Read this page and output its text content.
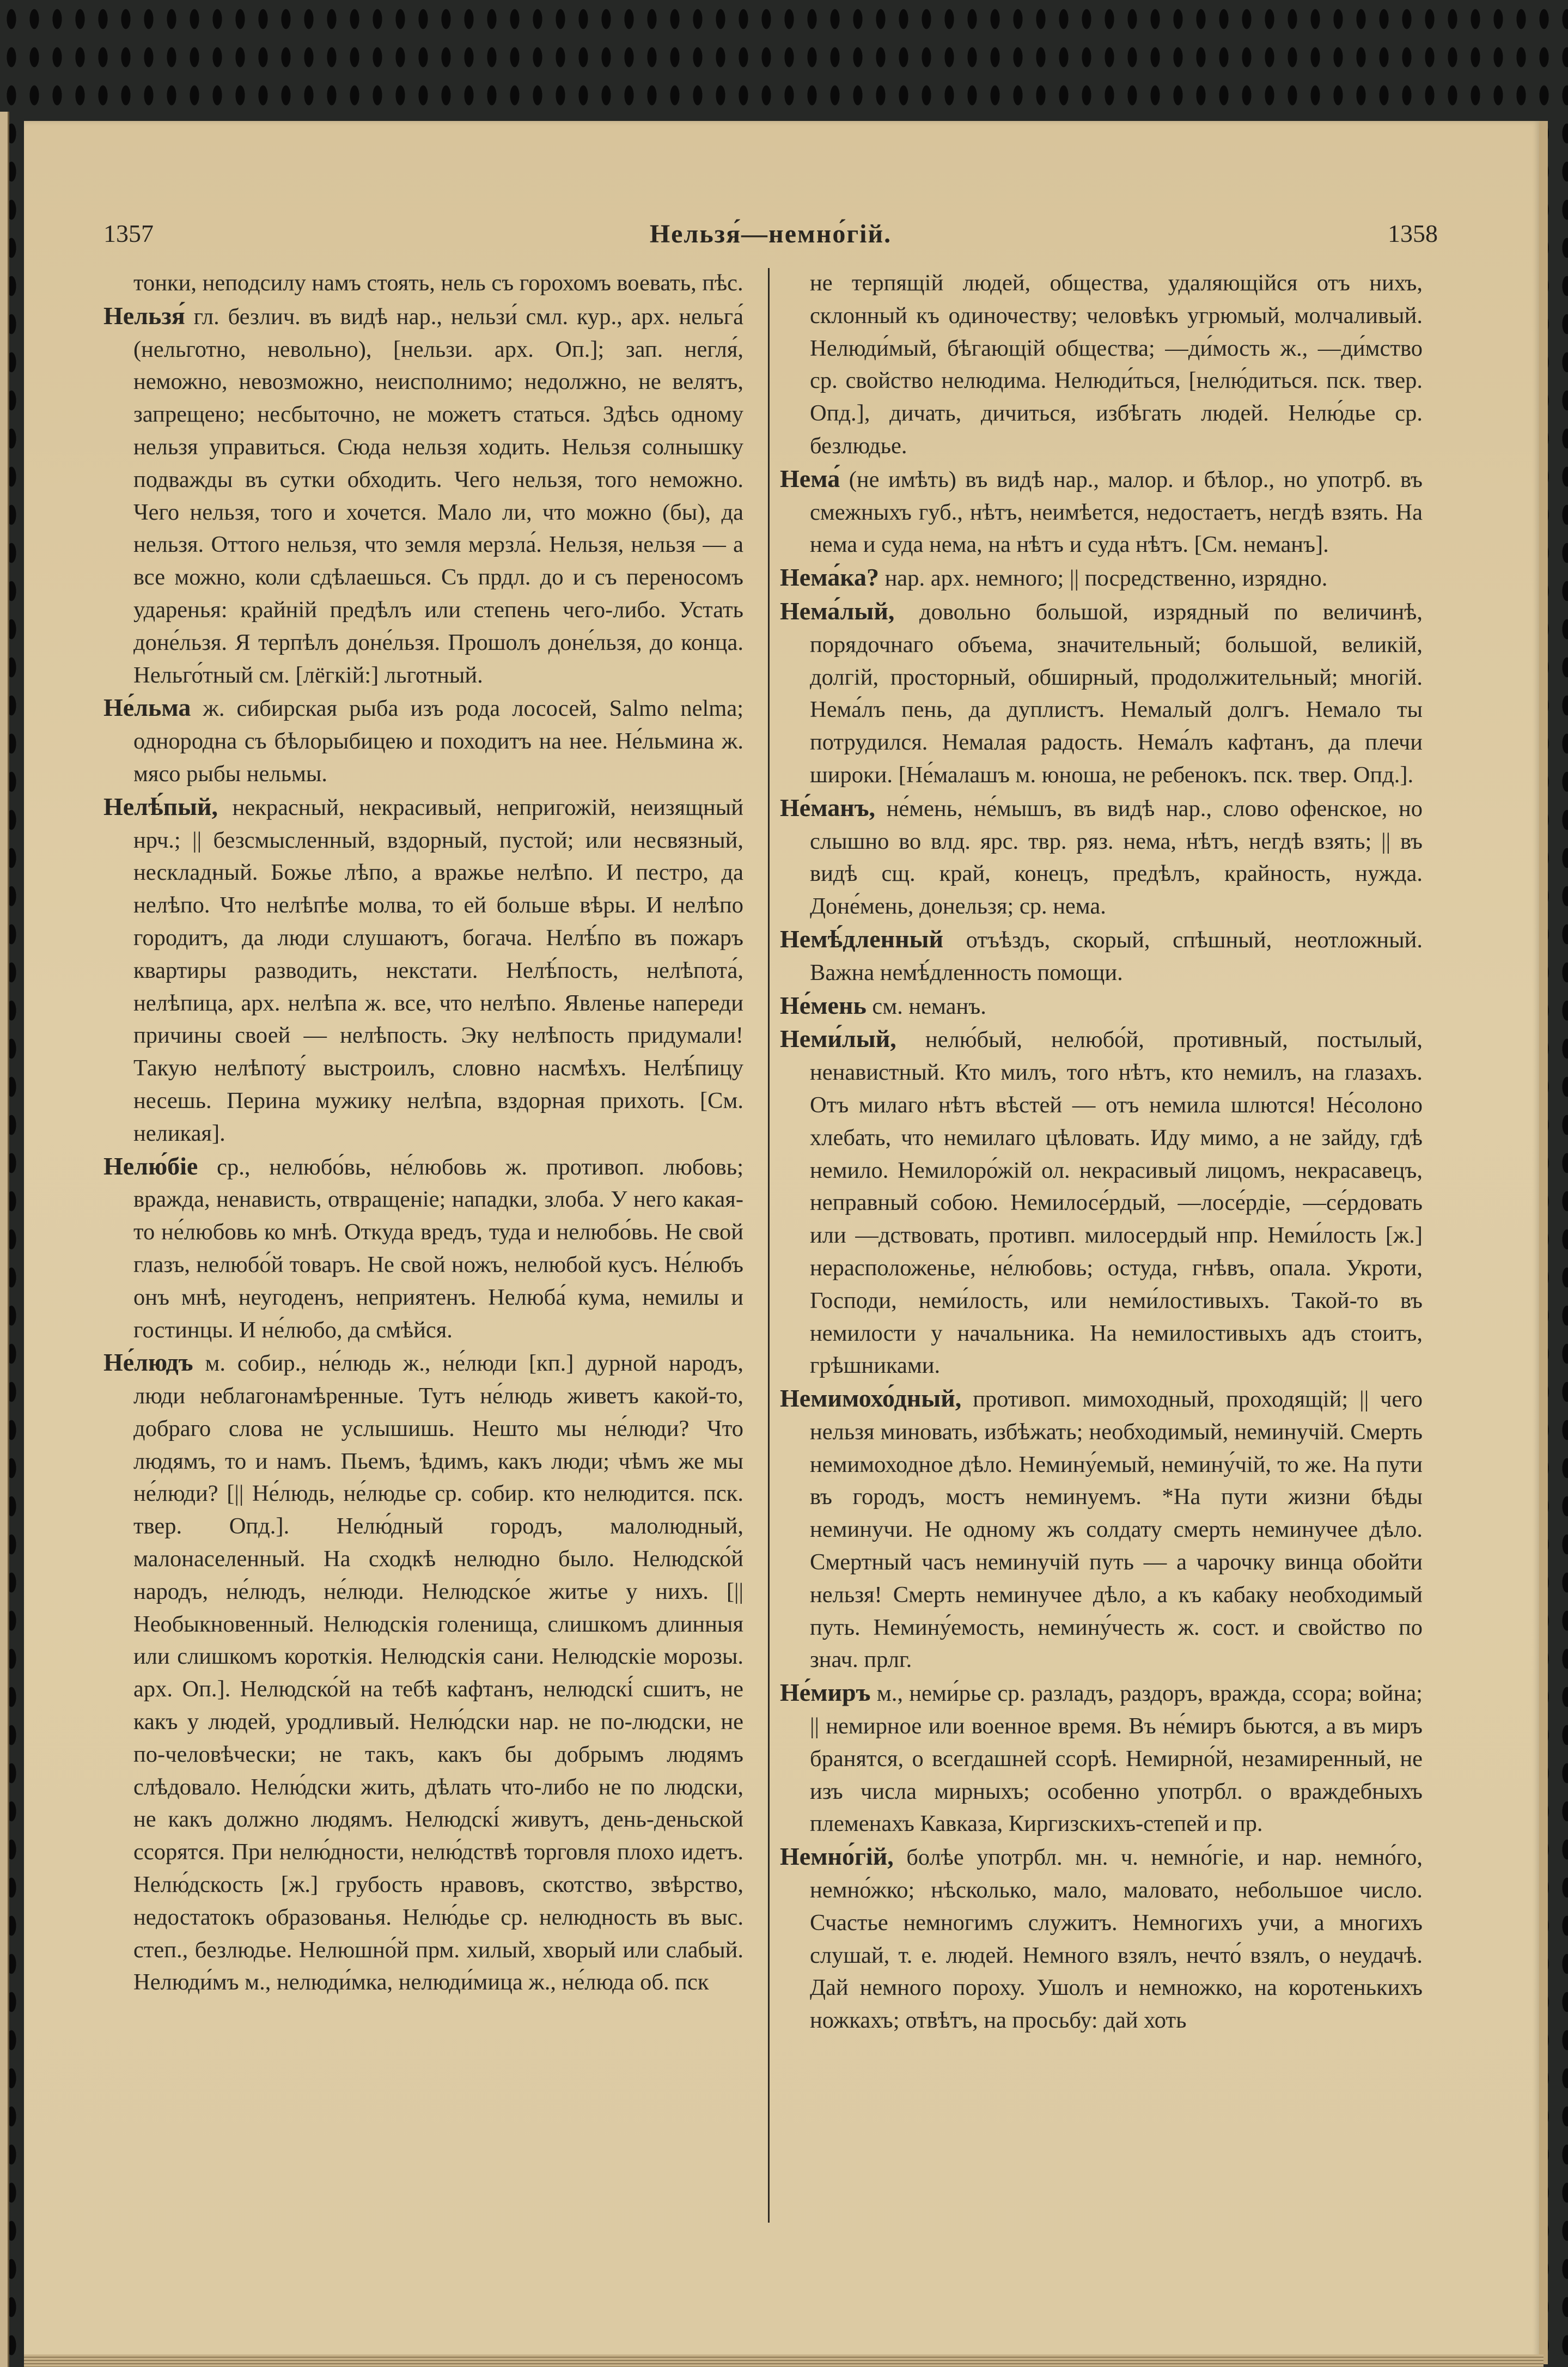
1357	Нельзя́—немно́гій.	1358

тонки, неподсилу намъ стоять, нель съ горохомъ воевать, пѣс.

Нельзя́ гл. безлич. въ видѣ нар., нельзи́ смл. кур., арх. нельга́ (нельготно, невольно), [нельзи. арх. Оп.]; зап. негля́, неможно, невозможно, неисполнимо; недолжно, не велятъ, запрещено; несбыточно, не можетъ статься. Здѣсь одному нельзя управиться. Сюда нельзя ходить. Нельзя солнышку подважды въ сутки обходить. Чего нельзя, того неможно. Чего нельзя, того и хочется. Мало ли, что можно (бы), да нельзя. Оттого нельзя, что земля мерзла́. Нельзя, нельзя — а все можно, коли сдѣлаешься. Съ прдл. до и съ переносомъ ударенья: крайній предѣлъ или степень чего-либо. Устать доне́льзя. Я терпѣлъ доне́льзя. Прошолъ доне́льзя, до конца. Нельго́тный см. [лёгкій:] льготный.

Не́льма ж. сибирская рыба изъ рода лососей, Salmo nelma; однородна съ бѣлорыбицею и походитъ на нее. Не́льмина ж. мясо рыбы нельмы.

Нелѣ́пый, некрасный, некрасивый, непригожій, неизящный нрч.; || безсмысленный, вздорный, пустой; или несвязный, нескладный. Божье лѣпо, а вражье нелѣпо. И пестро, да нелѣпо. Что нелѣпѣе молва, то ей больше вѣры. И нелѣпо городитъ, да люди слушаютъ, богача. Нелѣ́по въ пожаръ квартиры разводить, некстати. Нелѣ́пость, нелѣпота́, нелѣпица, арх. нелѣпа ж. все, что нелѣпо. Явленье напереди причины своей — нелѣпость. Эку нелѣпость придумали! Такую нелѣпоту́ выстроилъ, словно насмѣхъ. Нелѣ́пицу несешь. Перина мужику нелѣпа, вздорная прихоть. [См. неликая].

Нелю́біе ср., нелюбо́вь, не́любовь ж. противоп. любовь; вражда, ненависть, отвращеніе; нападки, злоба. У него какая-то не́любовь ко мнѣ. Откуда вредъ, туда и нелюбо́вь. Не свой глазъ, нелюбо́й товаръ. Не свой ножъ, нелюбой кусъ. Не́любъ онъ мнѣ, неугоденъ, неприятенъ. Нелюба́ кума, немилы и гостинцы. И не́любо, да смѣйся.

Не́людъ м. собир., не́людь ж., не́люди [кп.] дурной народъ, люди неблагонамѣренные. Тутъ не́людь живетъ какой-то, добраго слова не услышишь. Нешто мы не́люди? Что людямъ, то и намъ. Пьемъ, ѣдимъ, какъ люди; чѣмъ же мы не́люди? [|| Не́людь, не́людье ср. собир. кто нелюдится. пск. твер. Опд.]. Нелю́дный городъ, малолюдный, малонаселенный. На сходкѣ нелюдно было. Нелюдско́й народъ, не́людъ, не́люди. Нелюдско́е житье у нихъ. [|| Необыкновенный. Нелюдскія голенища, слишкомъ длинныя или слишкомъ короткія. Нелюдскія сани. Нелюдскіе морозы. арх. Оп.]. Нелюдско́й на тебѣ кафтанъ, нелюдскі́ сшитъ, не какъ у людей, уродливый. Нелю́дски нар. не по-людски, не по-человѣчески; не такъ, какъ бы добрымъ людямъ слѣдовало. Нелю́дски жить, дѣлать что-либо не по людски, не какъ должно людямъ. Нелюдскі́ живутъ, день-деньской ссорятся. При нелю́дности, нелю́дствѣ торговля плохо идетъ. Нелю́дскость [ж.] грубость нравовъ, скотство, звѣрство, недостатокъ образованья. Нелю́дье ср. нелюдность въ выс. степ., безлюдье. Нелюшно́й прм. хилый, хворый или слабый. Нелюди́мъ м., нелюди́мка, нелюди́мица ж., не́люда об. пск

не терпящій людей, общества, удаляющійся отъ нихъ, склонный къ одиночеству; человѣкъ угрюмый, молчаливый. Нелюди́мый, бѣгающій общества; —ди́мость ж., —ди́мство ср. свойство нелюдима. Нелюди́ться, [нелю́диться. пск. твер. Опд.], дичать, дичиться, избѣгать людей. Нелю́дье ср. безлюдье.

Нема́ (не имѣть) въ видѣ нар., малор. и бѣлор., но употрб. въ смежныхъ губ., нѣтъ, неимѣется, недостаетъ, негдѣ взять. На нема и суда нема, на нѣтъ и суда нѣтъ. [См. неманъ].

Нема́ка? нар. арх. немного; || посредственно, изрядно.

Нема́лый, довольно большой, изрядный по величинѣ, порядочнаго объема, значительный; большой, великій, долгій, просторный, обширный, продолжительный; многій. Нема́лъ пень, да дуплистъ. Немалый долгъ. Немало ты потрудился. Немалая радость. Нема́лъ кафтанъ, да плечи широки. [Не́малашъ м. юноша, не ребенокъ. пск. твер. Опд.].

Не́манъ, не́мень, не́мышъ, въ видѣ нар., слово офенское, но слышно во влд. ярс. твр. ряз. нема, нѣтъ, негдѣ взять; || въ видѣ сщ. край, конецъ, предѣлъ, крайность, нужда. Доне́мень, донельзя; ср. нема.

Немѣ́дленный отъѣздъ, скорый, спѣшный, неотложный. Важна немѣ́дленность помощи.

Не́мень см. неманъ.

Неми́лый, нелю́бый, нелюбо́й, противный, постылый, ненавистный. Кто милъ, того нѣтъ, кто немилъ, на глазахъ. Отъ милаго нѣтъ вѣстей — отъ немила шлются! Не́солоно хлебать, что немилаго цѣловать. Иду мимо, а не зайду, гдѣ немило. Немилоро́жій ол. некрасивый лицомъ, некрасавецъ, неправный собою. Немилосе́рдый, —лосе́рдіе, —се́рдовать или —дствовать, противп. милосердый нпр. Неми́лость [ж.] нерасположенье, не́любовь; остуда, гнѣвъ, опала. Укроти, Господи, неми́лость, или неми́лостивыхъ. Такой-то въ немилости у начальника. На немилостивыхъ адъ стоитъ, грѣшниками.

Немимохо́дный, противоп. мимоходный, проходящій; || чего нельзя миновать, избѣжать; необходимый, неминучій. Смерть немимоходное дѣло. Немину́емый, немину́чій, то же. На пути въ городъ, мостъ неминуемъ. *На пути жизни бѣды неминучи. Не одному жъ солдату смерть неминучее дѣло. Смертный часъ неминучій путь — а чарочку винца обойти нельзя! Смерть неминучее дѣло, а къ кабаку необходимый путь. Немину́емость, немину́честь ж. сост. и свойство по знач. прлг.

Не́миръ м., неми́рье ср. разладъ, раздоръ, вражда, ссора; война; || немирное или военное время. Въ не́миръ бьются, а въ миръ бранятся, о всегдашней ссорѣ. Немирно́й, незамиренный, не изъ числа мирныхъ; особенно употрбл. о враждебныхъ племенахъ Кавказа, Киргизскихъ-степей и пр.

Немно́гій, болѣе употрбл. мн. ч. немно́гіе, и нар. немно́го, немно́жко; нѣсколько, мало, маловато, небольшое число. Счастье немногимъ служитъ. Немногихъ учи, а многихъ слушай, т. е. людей. Немного взялъ, нечто́ взялъ, о неудачѣ. Дай немного пороху. Ушолъ и немножко, на коротенькихъ ножкахъ; отвѣтъ, на просьбу: дай хоть
